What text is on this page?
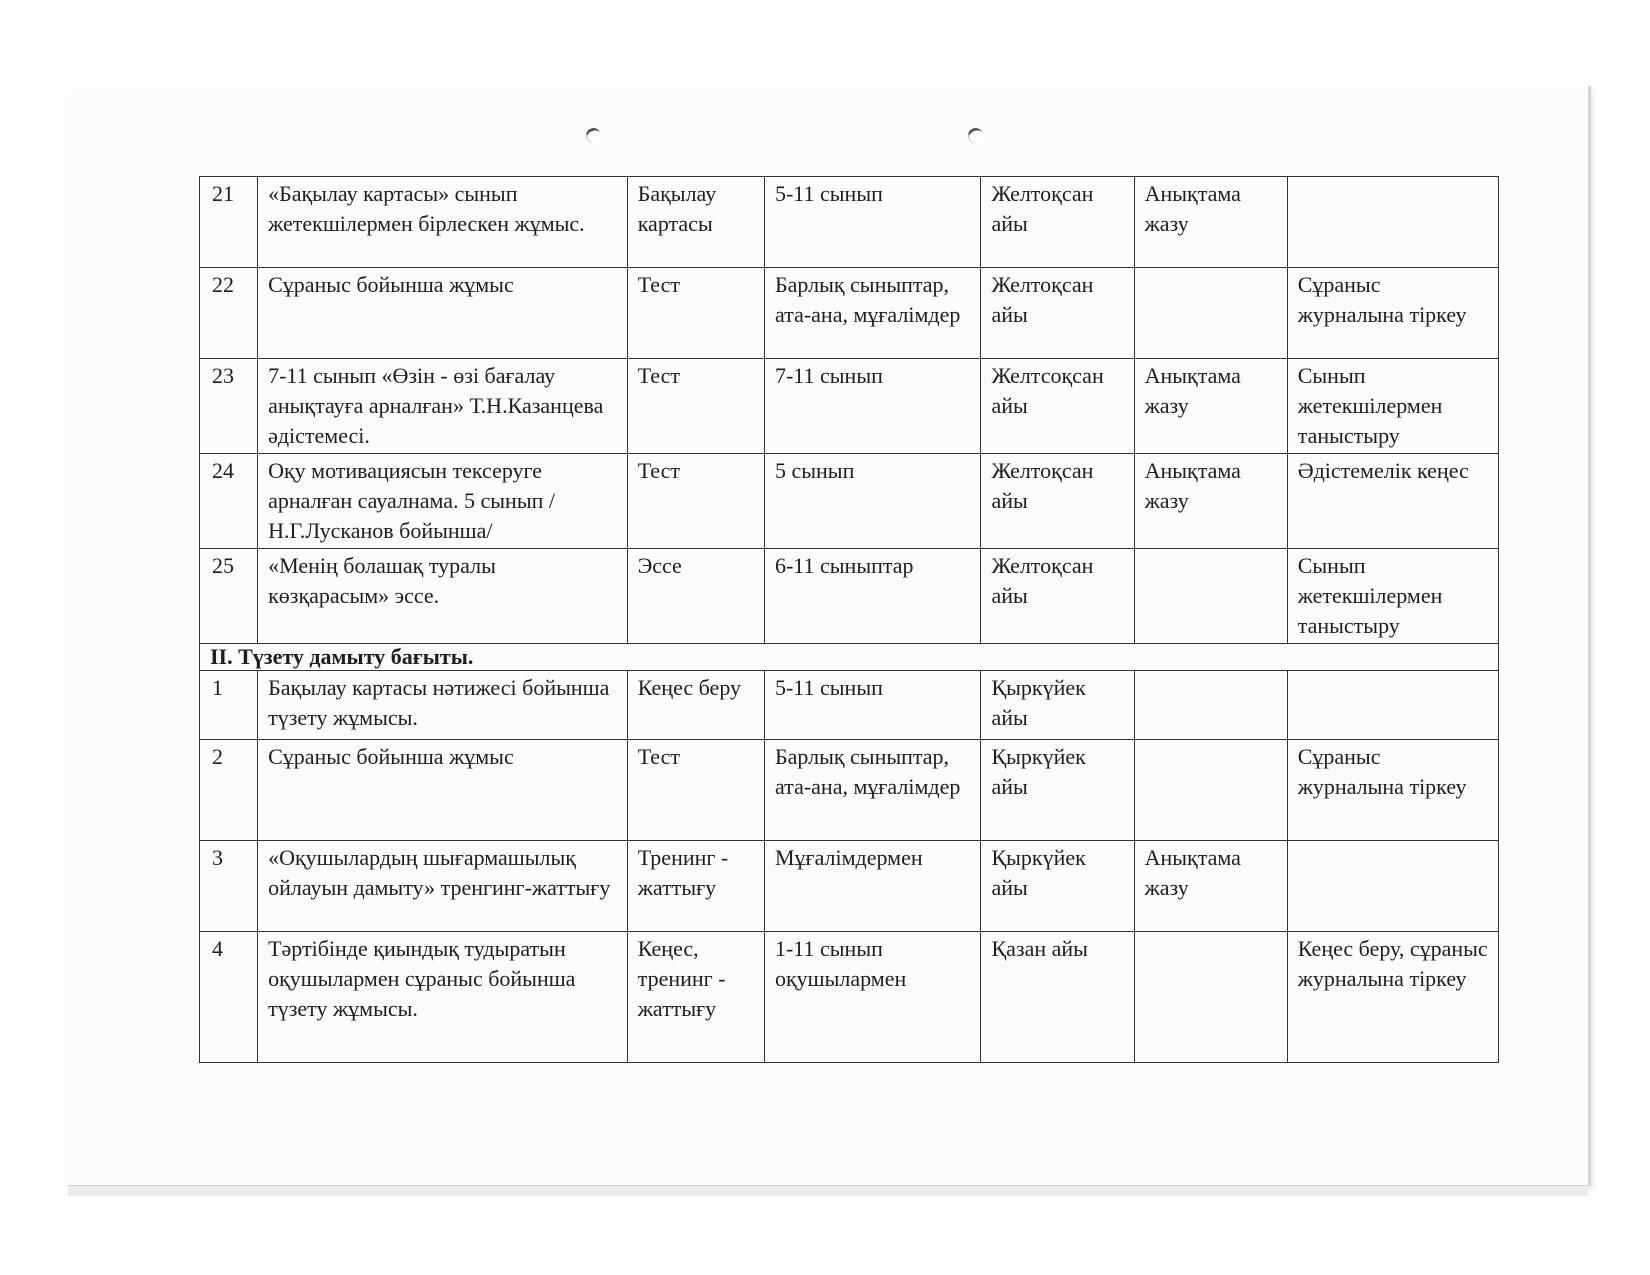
21	«Бақылау картасы» сынып жетекшілермен бірлескен жұмыс.	Бақылау картасы	5-11 сынып	Желтоқсан айы	Анықтама жазу	
22	Сұраныс бойынша жұмыс	Тест	Барлық сыныптар, ата-ана, мұғалімдер	Желтоқсан айы		Сұраныс журналына тіркеу
23	7-11 сынып «Өзін - өзі бағалау анықтауға арналған» Т.Н.Казанцева әдістемесі.	Тест	7-11 сынып	Желтсоқсан айы	Анықтама жазу	Сынып жетекшілермен таныстыру
24	Оқу мотивациясын тексеруге арналған сауалнама. 5 сынып /Н.Г.Лусканов бойынша/	Тест	5 сынып	Желтоқсан айы	Анықтама жазу	Әдістемелік кеңес
25	«Менің болашақ туралы көзқарасым» эссе.	Эссе	6-11 сыныптар	Желтоқсан айы		Сынып жетекшілермен таныстыру
II. Түзету дамыту бағыты.						
1	Бақылау картасы нәтижесі бойынша түзету жұмысы.	Кеңес беру	5-11 сынып	Қыркүйек айы		
2	Сұраныс бойынша жұмыс	Тест	Барлық сыныптар, ата-ана, мұғалімдер	Қыркүйек айы		Сұраныс журналына тіркеу
3	«Оқушылардың шығармашылық ойлауын дамыту» тренгинг-жаттығу	Тренинг - жаттығу	Мұғалімдермен	Қыркүйек айы	Анықтама жазу	
4	Тәртібінде қиындық тудыратын оқушылармен сұраныс бойынша түзету жұмысы.	Кеңес, тренинг - жаттығу	1-11 сынып оқушылармен	Қазан айы		Кеңес беру, сұраныс журналына тіркеу
